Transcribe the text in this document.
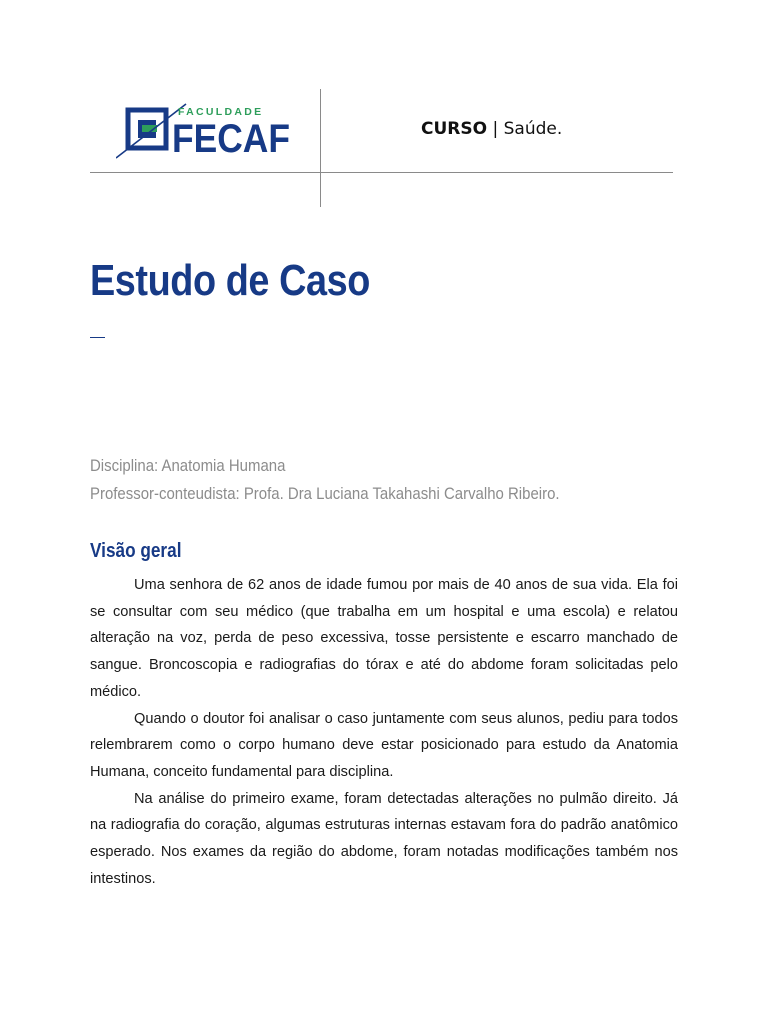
FACULDADE
FECAF	CURSO | Saúde.
Estudo de Caso
Disciplina: Anatomia Humana
Professor-conteudista: Profa. Dra Luciana Takahashi Carvalho Ribeiro.
Visão geral

Uma senhora de 62 anos de idade fumou por mais de 40 anos de sua vida. Ela foi se consultar com seu médico (que trabalha em um hospital e uma escola) e relatou alteração na voz, perda de peso excessiva, tosse persistente e escarro manchado de sangue. Broncoscopia e radiografias do tórax e até do abdome foram solicitadas pelo médico.

Quando o doutor foi analisar o caso juntamente com seus alunos, pediu para todos relembrarem como o corpo humano deve estar posicionado para estudo da Anatomia Humana, conceito fundamental para disciplina.

Na análise do primeiro exame, foram detectadas alterações no pulmão direito. Já na radiografia do coração, algumas estruturas internas estavam fora do padrão anatômico esperado. Nos exames da região do abdome, foram notadas modificações também nos intestinos.
